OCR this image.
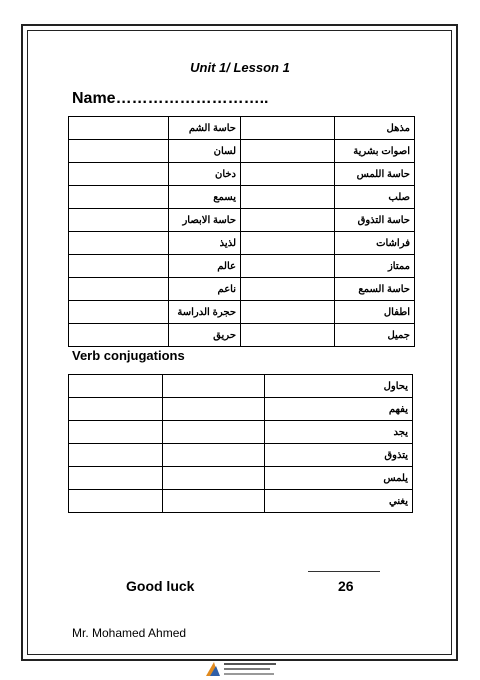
Unit 1/ Lesson 1
Name………………………..
	حاسة الشم		مذهل
	لسان		اصوات بشرية
	دخان		حاسة اللمس
	يسمع		صلب
	حاسة الابصار		حاسة التذوق
	لذيذ		فراشات
	عالم		ممتاز
	ناعم		حاسة السمع
	حجرة الدراسة		اطفال
	حريق		جميل
Verb conjugations
		يحاول
		يفهم
		يجد
		يتذوق
		يلمس
		يغني
Good luck	26
Mr. Mohamed Ahmed
